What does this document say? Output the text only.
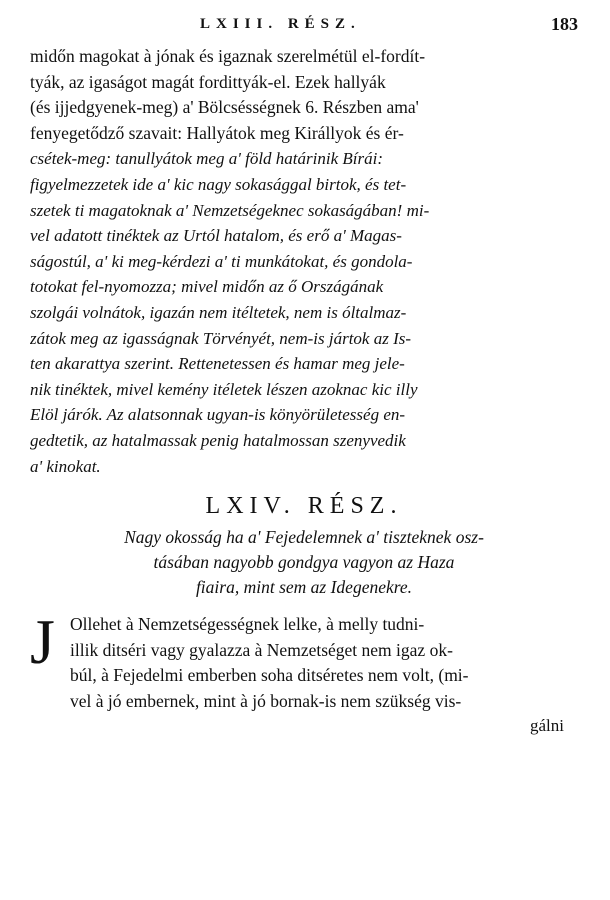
LXIII. RÉSZ.	183
midőn magokat à jónak és igaznak szerelmétül el-fordít-
tyák, az igaságot magát fordittyák-el. Ezek hallyák
(és ijjedgyenek-meg) a' Bölcsésségnek 6. Részben ama'
fenyegetődző szavait: Hallyátok meg Királlyok és ér-
csétek-meg: tanullyátok meg a' föld határinik Bírái:
figyelmezzetek ide a' kic nagy sokasággal birtok, és tet-
szetek ti magatoknak a' Nemzetségeknec sokaságában! mi-
vel adatott tinéktek az Urtól hatalom, és erő a' Magas-
ságostúl, a' ki meg-kérdezi a' ti munkátokat, és gondola-
totokat fel-nyomozza; mivel midőn az ő Országának
szolgái volnátok, igazán nem itéltetek, nem is óltalmaz-
zátok meg az igasságnak Törvényét, nem-is jártok az Is-
ten akarattya szerint. Rettenetessen és hamar meg jele-
nik tinéktek, mivel kemény itéletek lészen azoknac kic illy
Elöl járók. Az alatsonnak ugyan-is könyörületesség en-
gedtetik, az hatalmassak penig hatalmossan szenyvedik
a' kinokat.
LXIV. RÉSZ.
Nagy okosság ha a' Fejedelemnek a' tiszteknek osz-
tásában nagyobb gondgya vagyon az Haza
fiaira, mint sem az Idegenekre.
J Ollehet à Nemzetségességnek lelke, à melly tudni-
illik ditséri vagy gyalazza à Nemzetséget nem igaz ok-
búl, à Fejedelmi emberben soha ditséretes nem volt, (mi-
vel à jó embernek, mint à jó bornak-is nem szükség vis-
gálni
